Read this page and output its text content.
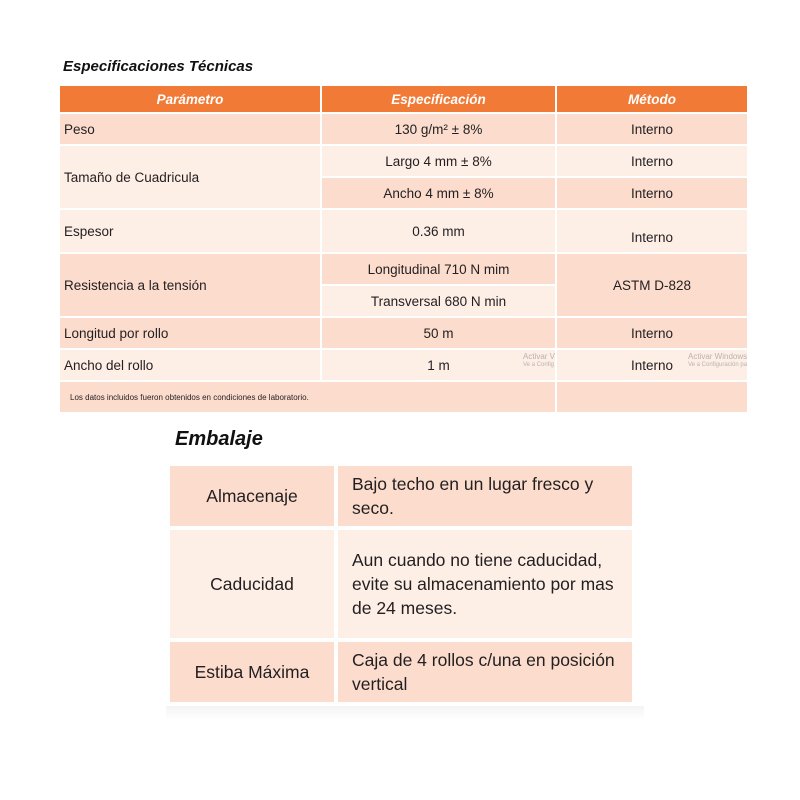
Especificaciones Técnicas
Parámetro	Especificación	Método
Peso	130 g/m² ± 8%	Interno
Tamaño de Cuadricula	Largo 4 mm ± 8%	Interno
	Ancho 4 mm ± 8%	Interno
Espesor	0.36 mm	Interno
Resistencia a la tensión	Longitudinal 710 N mim	ASTM D-828
	Transversal 680 N min	
Longitud por rollo	50 m	Interno
Ancho del rollo	1 m	Interno
Los datos incluidos fueron obtenidos en condiciones de laboratorio.		
Activar V
Ve a Config
Activar Windows
Ve a Configuración pa
Embalaje
Almacenaje	Bajo techo en un lugar fresco y seco.
Caducidad	Aun cuando no tiene caducidad, evite su almacenamiento por mas de 24 meses.
Estiba Máxima	Caja de 4 rollos c/una en posición vertical
